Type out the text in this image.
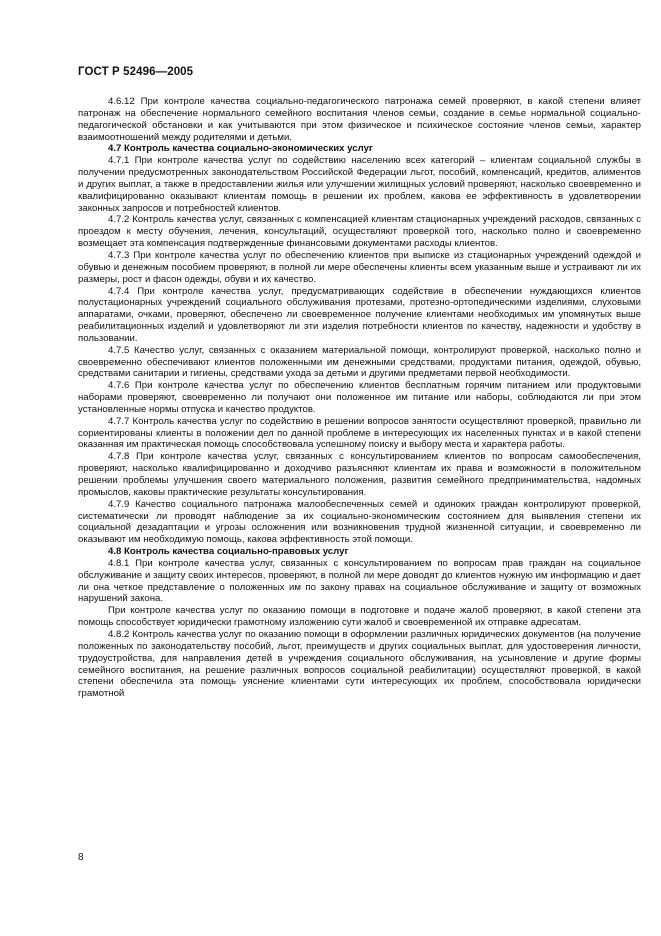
ГОСТ Р 52496—2005

4.6.12 При контроле качества социально-педагогического патронажа семей проверяют, в какой степени влияет патронаж на обеспечение нормального семейного воспитания членов семьи, создание в семье нормальной социально-педагогической обстановки и как учитываются при этом физическое и психическое состояние членов семьи, характер взаимоотношений между родителями и детьми.

4.7 Контроль качества социально-экономических услуг

4.7.1 При контроле качества услуг по содействию населению всех категорий – клиентам социальной службы в получении предусмотренных законодательством Российской Федерации льгот, пособий, компенсаций, кредитов, алиментов и других выплат, а также в предоставлении жилья или улучшении жилищных условий проверяют, насколько своевременно и квалифицированно оказывают клиентам помощь в решении их проблем, какова ее эффективность в удовлетворении законных запросов и потребностей клиентов.

4.7.2 Контроль качества услуг, связанных с компенсацией клиентам стационарных учреждений расходов, связанных с проездом к месту обучения, лечения, консультаций, осуществляют проверкой того, насколько полно и своевременно возмещает эта компенсация подтвержденные финансовыми документами расходы клиентов.

4.7.3 При контроле качества услуг по обеспечению клиентов при выписке из стационарных учреждений одеждой и обувью и денежным пособием проверяют, в полной ли мере обеспечены клиенты всем указанным выше и устраивают ли их размеры, рост и фасон одежды, обуви и их качество.

4.7.4 При контроле качества услуг, предусматривающих содействие в обеспечении нуждающихся клиентов полустационарных учреждений социального обслуживания протезами, протезно-ортопедическими изделиями, слуховыми аппаратами, очками, проверяют, обеспечено ли своевременное получение клиентами необходимых им упомянутых выше реабилитационных изделий и удовлетворяют ли эти изделия потребности клиентов по качеству, надежности и удобству в пользовании.

4.7.5 Качество услуг, связанных с оказанием материальной помощи, контролируют проверкой, насколько полно и своевременно обеспечивают клиентов положенными им денежными средствами, продуктами питания, одеждой, обувью, средствами санитарии и гигиены, средствами ухода за детьми и другими предметами первой необходимости.

4.7.6 При контроле качества услуг по обеспечению клиентов бесплатным горячим питанием или продуктовыми наборами проверяют, своевременно ли получают они положенное им питание или наборы, соблюдаются ли при этом установленные нормы отпуска и качество продуктов.

4.7.7 Контроль качества услуг по содействию в решении вопросов занятости осуществляют проверкой, правильно ли сориентированы клиенты в положении дел по данной проблеме в интересующих их населенных пунктах и в какой степени оказанная им практическая помощь способствовала успешному поиску и выбору места и характера работы.

4.7.8 При контроле качества услуг, связанных с консультированием клиентов по вопросам самообеспечения, проверяют, насколько квалифицированно и доходчиво разъясняют клиентам их права и возможности в положительном решении проблемы улучшения своего материального положения, развития семейного предпринимательства, надомных промыслов, каковы практические результаты консультирования.

4.7.9 Качество социального патронажа малообеспеченных семей и одиноких граждан контролируют проверкой, систематически ли проводят наблюдение за их социально-экономическим состоянием для выявления степени их социальной дезадаптации и угрозы осложнения или возникновения трудной жизненной ситуации, и своевременно ли оказывают им необходимую помощь, какова эффективность этой помощи.

4.8 Контроль качества социально-правовых услуг

4.8.1 При контроле качества услуг, связанных с консультированием по вопросам прав граждан на социальное обслуживание и защиту своих интересов, проверяют, в полной ли мере доводят до клиентов нужную им информацию и дает ли она четкое представление о положенных им по закону правах на социальное обслуживание и защиту от возможных нарушений закона.

При контроле качества услуг по оказанию помощи в подготовке и подаче жалоб проверяют, в какой степени эта помощь способствует юридически грамотному изложению сути жалоб и своевременной их отправке адресатам.

4.8.2 Контроль качества услуг по оказанию помощи в оформлении различных юридических документов (на получение положенных по законодательству пособий, льгот, преимуществ и других социальных выплат, для удостоверения личности, трудоустройства, для направления детей в учреждения социального обслуживания, на усыновление и другие формы семейного воспитания, на решение различных вопросов социальной реабилитации) осуществляют проверкой, в какой степени обеспечила эта помощь уяснение клиентами сути интересующих их проблем, способствовала юридически грамотной

8
